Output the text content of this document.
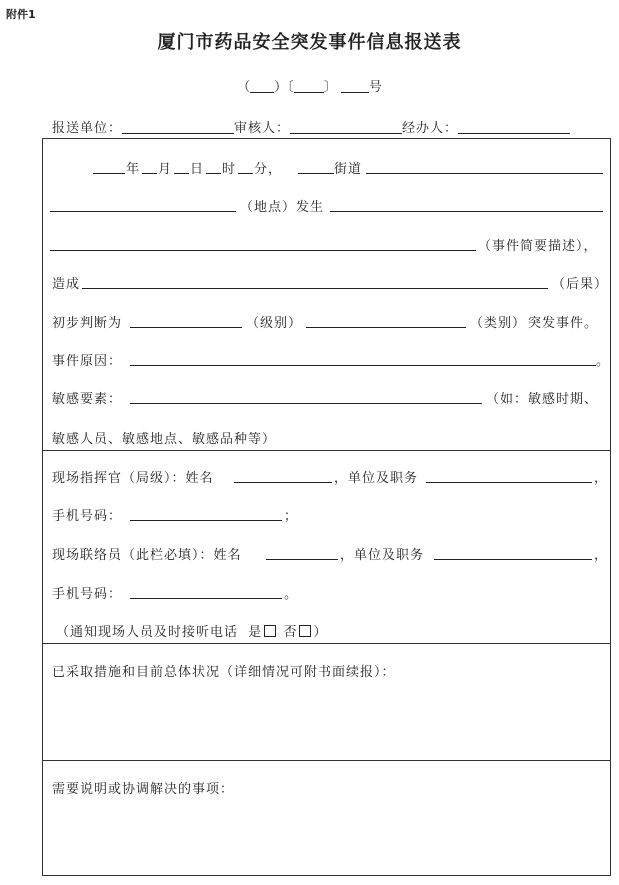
附件1
厦门市药品安全突发事件信息报送表
（ ）〔 〕 号
报送单位：	审核人：	经办人：
年 月 日 时 分，	街道
（地点）发生
（事件简要描述），
造成	（后果）
初步判断为	（级别）	（类别） 突发事件。
事件原因：	。
敏感要素：	（如：敏感时期、
敏感人员、敏感地点、敏感品种等）
现场指挥官（局级）：姓名	，单位及职务	，
手机号码：	；
现场联络员（此栏必填）：姓名	，单位及职务	，
手机号码：	。
（通知现场人员及时接听电话 是 否 ）
已采取措施和目前总体状况（详细情况可附书面续报）：
需要说明或协调解决的事项：
